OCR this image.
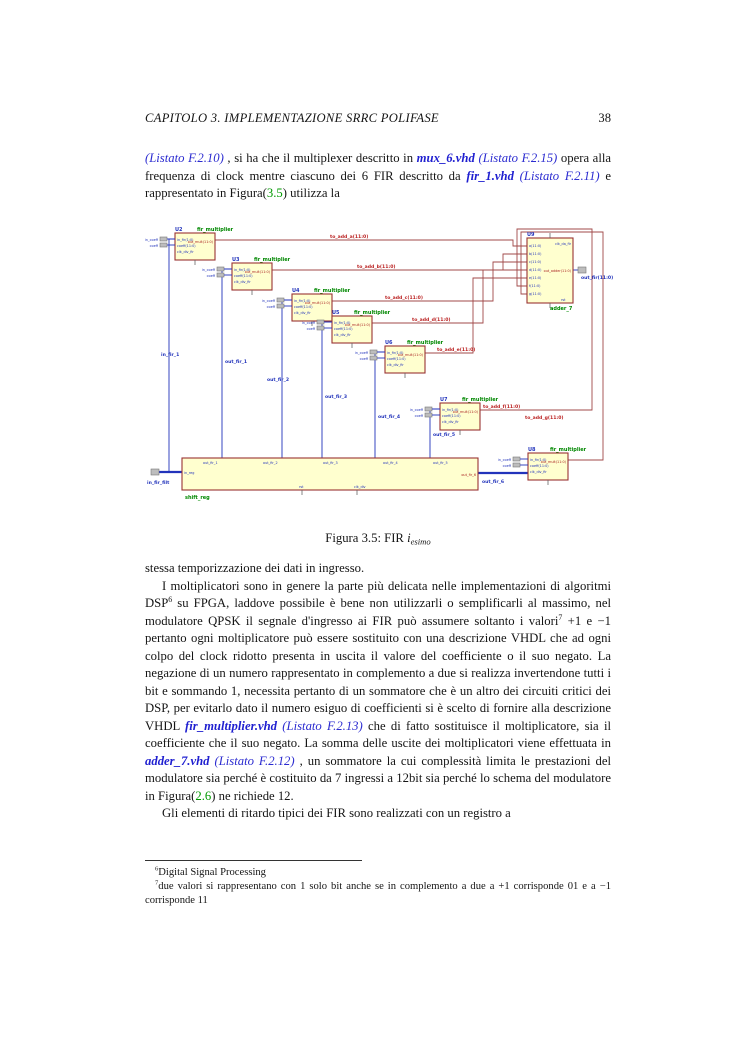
CAPITOLO 3. IMPLEMENTAZIONE SRRC POLIFASE	38

(Listato F.2.10) , si ha che il multiplexer descritto in mux_6.vhd (Listato F.2.15) opera alla frequenza di clock mentre ciascuno dei 6 FIR descritto da fir_1.vhd (Listato F.2.11) e rappresentato in Figura(3.5) utilizza la

U2	fir_multiplier
in_fir(1:0)
coeff(11:0)
clk_div_fir
out_mult(11:0)
in_coeff
coeff
U3	fir_multiplier
in_fir(1:0)
coeff(11:0)
clk_div_fir
out_mult(11:0)
in_coeff
coeff
U4	fir_multiplier
in_fir(1:0)
coeff(11:0)
clk_div_fir
out_mult(11:0)
in_coeff
coeff
U5	fir_multiplier
in_fir(1:0)
coeff(11:0)
clk_div_fir
out_mult(11:0)
in_coeff
coeff
U6	fir_multiplier
in_fir(1:0)
coeff(11:0)
clk_div_fir
out_mult(11:0)
in_coeff
coeff
U7	fir_multiplier
in_fir(1:0)
coeff(11:0)
clk_div_fir
out_mult(11:0)
in_coeff
coeff
U8	fir_multiplier
in_fir(1:0)
coeff(11:0)
clk_div_fir
out_mult(11:0)
in_coeff
coeff
U9
a(11:0)
b(11:0)
c(11:0)
d(11:0)
e(11:0)
f(11:0)
g(11:0)
clk_da_fir
out_adder(11:0)
rst
adder_7
out_fir_1	out_fir_2	out_fir_3	out_fir_4	out_fir_5
in_reg	out_fir_6
rst	clk_div
shift_reg
to_add_a(11:0)
to_add_b(11:0)
to_add_c(11:0)
to_add_d(11:0)
to_add_e(11:0)
to_add_f(11:0)
to_add_g(11:0)
in_fir_1
out_fir_1
out_fir_2
out_fir_3
out_fir_4
out_fir_5
out_fir_6
in_fir_filt
out_fir(11:0)

Figura 3.5: FIR $i_{esimo}$

stessa temporizzazione dei dati in ingresso.

I moltiplicatori sono in genere la parte più delicata nelle implementazioni di algoritmi DSP$^6$ su FPGA, laddove possibile è bene non utilizzarli o semplificarli al massimo, nel modulatore QPSK il segnale d'ingresso ai FIR può assumere soltanto i valori$^7$ +1 e −1 pertanto ogni moltiplicatore può essere sostituito con una descrizione VHDL che ad ogni colpo del clock ridotto presenta in uscita il valore del coefficiente o il suo negato. La negazione di un numero rappresentato in complemento a due si realizza invertendone tutti i bit e sommando 1, necessita pertanto di un sommatore che è un altro dei circuiti critici dei DSP, per evitarlo dato il numero esiguo di coefficienti si è scelto di fornire alla descrizione VHDL fir_multiplier.vhd (Listato F.2.13) che di fatto sostituisce il moltiplicatore, sia il coefficiente che il suo negato. La somma delle uscite dei moltiplicatori viene effettuata in adder_7.vhd (Listato F.2.12) , un sommatore la cui complessità limita le prestazioni del modulatore sia perché è costituito da 7 ingressi a 12bit sia perché lo schema del modulatore in Figura(2.6) ne richiede 12.

Gli elementi di ritardo tipici dei FIR sono realizzati con un registro a

$^6$Digital Signal Processing

$^7$due valori si rappresentano con 1 solo bit anche se in complemento a due a +1 corrisponde 01 e a −1 corrisponde 11
